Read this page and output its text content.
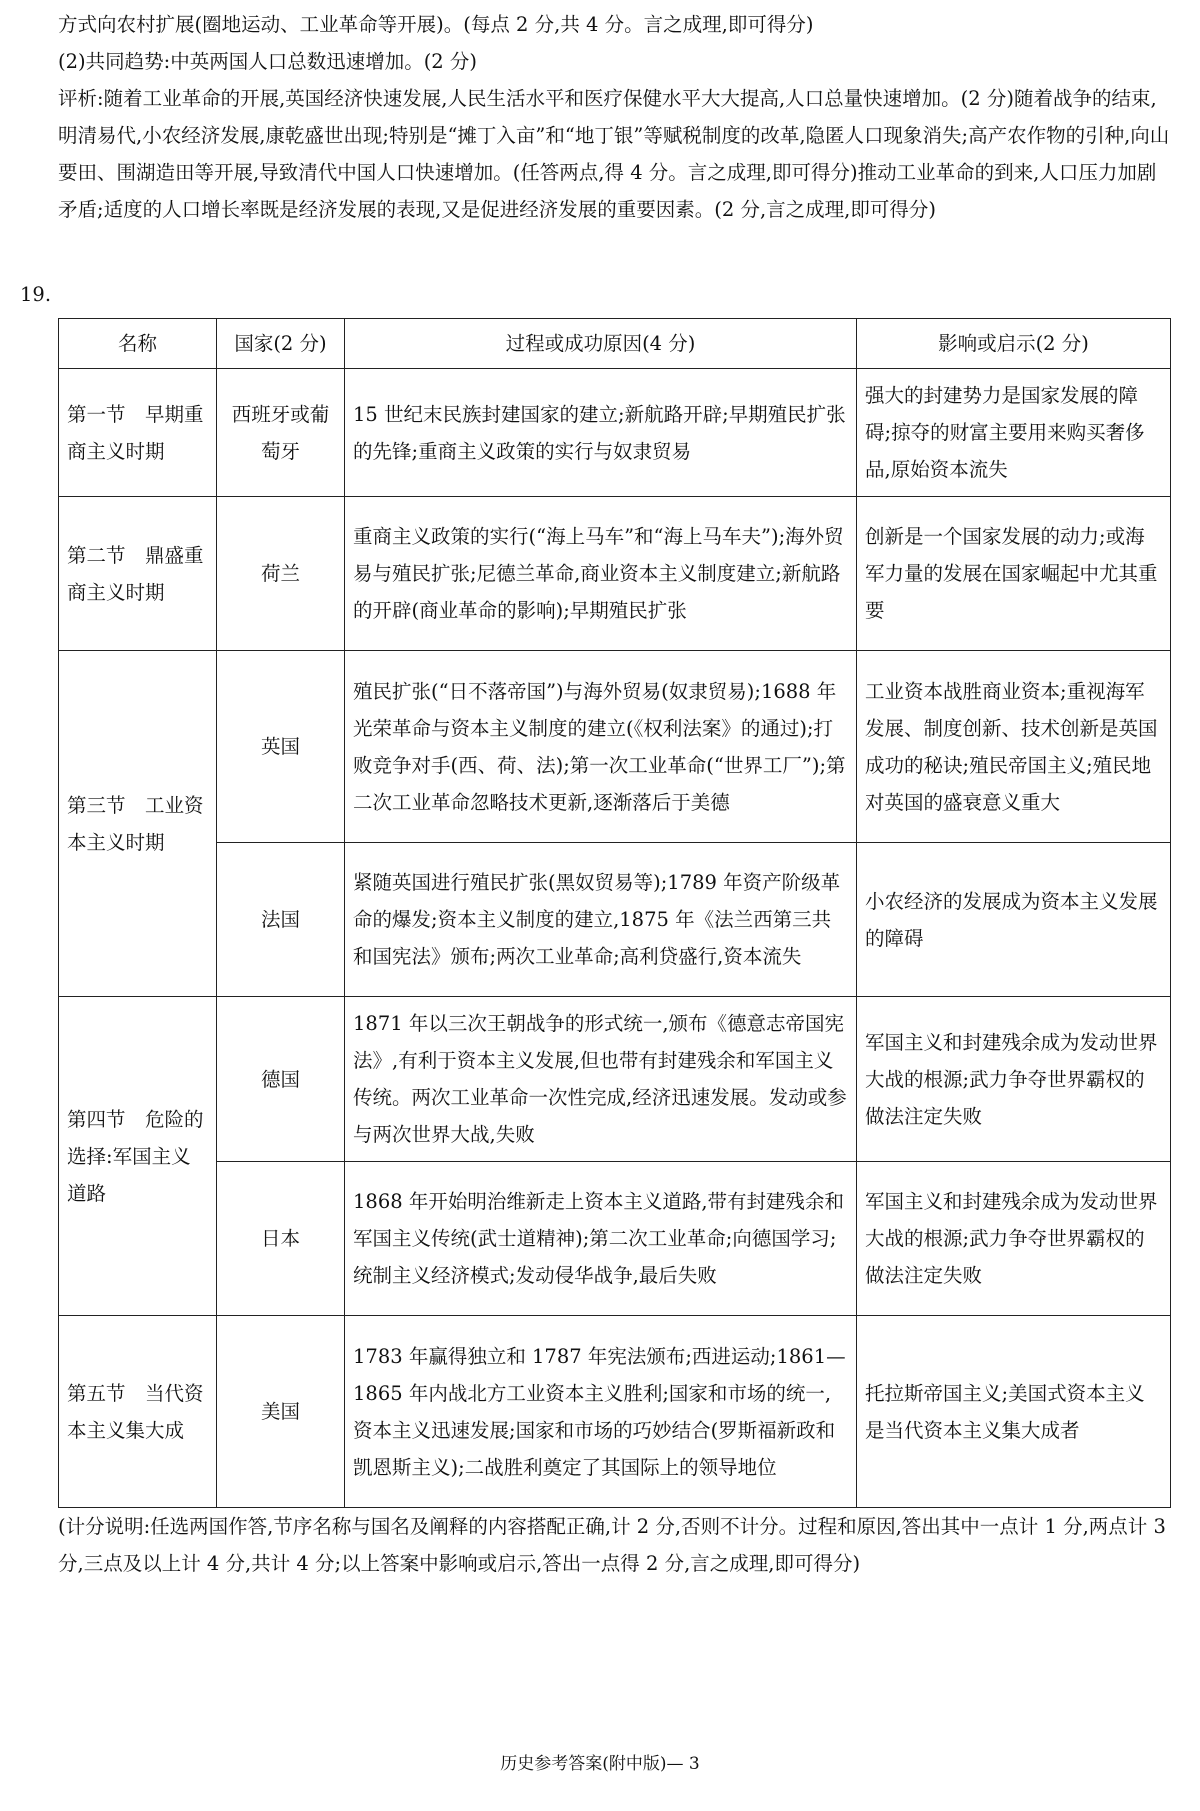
方式向农村扩展(圈地运动、工业革命等开展)。(每点 2 分,共 4 分。言之成理,即可得分)

(2)共同趋势:中英两国人口总数迅速增加。(2 分)

评析:随着工业革命的开展,英国经济快速发展,人民生活水平和医疗保健水平大大提高,人口总量快速增加。(2 分)随着战争的结束,明清易代,小农经济发展,康乾盛世出现;特别是“摊丁入亩”和“地丁银”等赋税制度的改革,隐匿人口现象消失;高产农作物的引种,向山要田、围湖造田等开展,导致清代中国人口快速增加。(任答两点,得 4 分。言之成理,即可得分)推动工业革命的到来,人口压力加剧矛盾;适度的人口增长率既是经济发展的表现,又是促进经济发展的重要因素。(2 分,言之成理,即可得分)

19.
名称	国家(2 分)	过程或成功原因(4 分)	影响或启示(2 分)
第一节　早期重商主义时期	西班牙或葡萄牙	15 世纪末民族封建国家的建立;新航路开辟;早期殖民扩张的先锋;重商主义政策的实行与奴隶贸易	强大的封建势力是国家发展的障碍;掠夺的财富主要用来购买奢侈品,原始资本流失
第二节　鼎盛重商主义时期	荷兰	重商主义政策的实行(“海上马车”和“海上马车夫”);海外贸易与殖民扩张;尼德兰革命,商业资本主义制度建立;新航路的开辟(商业革命的影响);早期殖民扩张	创新是一个国家发展的动力;或海军力量的发展在国家崛起中尤其重要
第三节　工业资本主义时期	英国	殖民扩张(“日不落帝国”)与海外贸易(奴隶贸易);1688 年光荣革命与资本主义制度的建立(《权利法案》的通过);打败竞争对手(西、荷、法);第一次工业革命(“世界工厂”);第二次工业革命忽略技术更新,逐渐落后于美德	工业资本战胜商业资本;重视海军发展、制度创新、技术创新是英国成功的秘诀;殖民帝国主义;殖民地对英国的盛衰意义重大
	法国	紧随英国进行殖民扩张(黑奴贸易等);1789 年资产阶级革命的爆发;资本主义制度的建立,1875 年《法兰西第三共和国宪法》颁布;两次工业革命;高利贷盛行,资本流失	小农经济的发展成为资本主义发展的障碍
第四节　危险的选择:军国主义道路	德国	1871 年以三次王朝战争的形式统一,颁布《德意志帝国宪法》,有利于资本主义发展,但也带有封建残余和军国主义传统。两次工业革命一次性完成,经济迅速发展。发动或参与两次世界大战,失败	军国主义和封建残余成为发动世界大战的根源;武力争夺世界霸权的做法注定失败
	日本	1868 年开始明治维新走上资本主义道路,带有封建残余和军国主义传统(武士道精神);第二次工业革命;向德国学习;统制主义经济模式;发动侵华战争,最后失败	军国主义和封建残余成为发动世界大战的根源;武力争夺世界霸权的做法注定失败
第五节　当代资本主义集大成	美国	1783 年赢得独立和 1787 年宪法颁布;西进运动;1861—1865 年内战北方工业资本主义胜利;国家和市场的统一,资本主义迅速发展;国家和市场的巧妙结合(罗斯福新政和凯恩斯主义);二战胜利奠定了其国际上的领导地位	托拉斯帝国主义;美国式资本主义是当代资本主义集大成者

(计分说明:任选两国作答,节序名称与国名及阐释的内容搭配正确,计 2 分,否则不计分。过程和原因,答出其中一点计 1 分,两点计 3 分,三点及以上计 4 分,共计 4 分;以上答案中影响或启示,答出一点得 2 分,言之成理,即可得分)

历史参考答案(附中版)— 3
